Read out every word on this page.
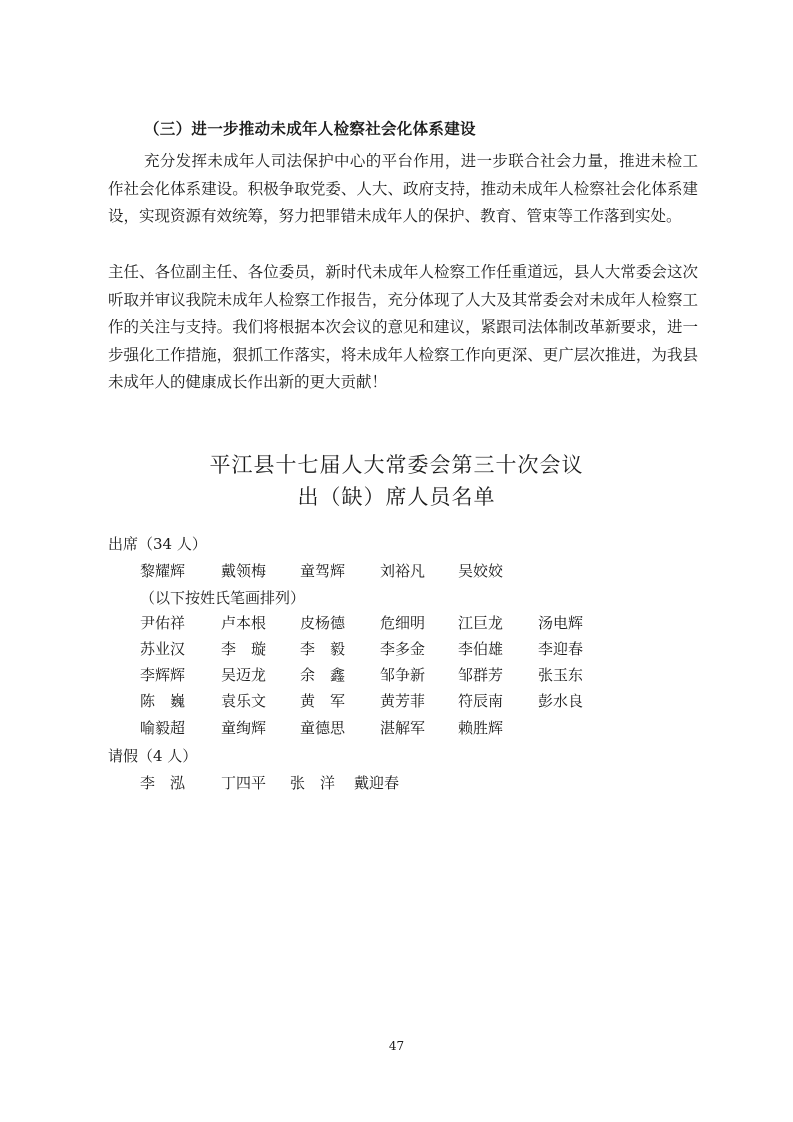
（三）进一步推动未成年人检察社会化体系建设

充分发挥未成年人司法保护中心的平台作用，进一步联合社会力量，推进未检工作社会化体系建设。积极争取党委、人大、政府支持，推动未成年人检察社会化体系建设，实现资源有效统筹，努力把罪错未成年人的保护、教育、管束等工作落到实处。

主任、各位副主任、各位委员，新时代未成年人检察工作任重道远，县人大常委会这次听取并审议我院未成年人检察工作报告，充分体现了人大及其常委会对未成年人检察工作的关注与支持。我们将根据本次会议的意见和建议，紧跟司法体制改革新要求，进一步强化工作措施，狠抓工作落实，将未成年人检察工作向更深、更广层次推进，为我县未成年人的健康成长作出新的更大贡献！

平江县十七届人大常委会第三十次会议
出（缺）席人员名单
出席（34 人）
黎耀辉 戴领梅 童驾辉 刘裕凡 吴姣姣
（以下按姓氏笔画排列）
尹佑祥 卢本根 皮杨德 危细明 江巨龙 汤电辉
苏业汉 李　璇 李　毅 李多金 李伯雄 李迎春
李辉辉 吴迈龙 余　鑫 邹争新 邹群芳 张玉东
陈　巍 袁乐文 黄　军 黄芳菲 符辰南 彭水良
喻毅超 童绚辉 童德思 湛解军 赖胜辉
请假（4 人）
李　泓 丁四平 张　洋 戴迎春
47
